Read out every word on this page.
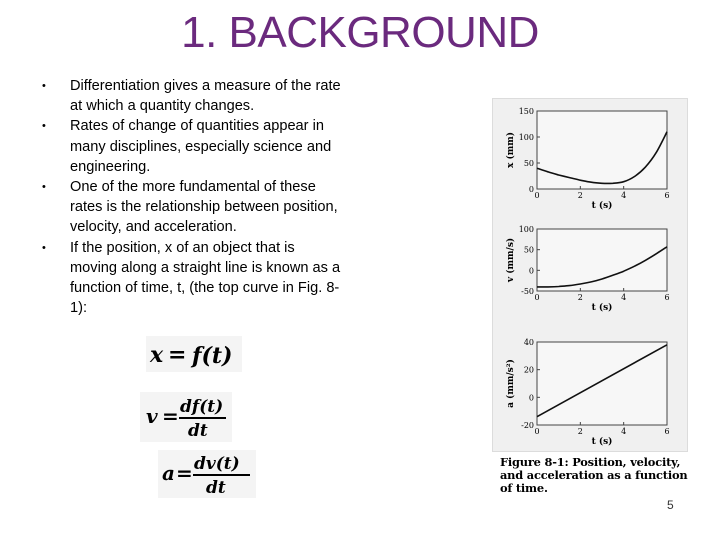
1. BACKGROUND
• Differentiation gives a measure of the rate at which a quantity changes.
• Rates of change of quantities appear in many disciplines, especially science and engineering.
• One of the more fundamental of these rates is the relationship between position, velocity, and acceleration.
• If the position, x of an object that is moving along a straight line is known as a function of time, t, (the top curve in Fig. 8-1):
x = f(t)
v = df(t)
dt
a = dv(t)
dt
0	2	4	6
0
50
100
150
t (s)
x (mm)
0	2	4	6
-50
0
50
100
t (s)
v (mm/s)
0	2	4	6
-20
0
20
40
t (s)
a (mm/s²)
Figure 8-1: Position, velocity, and acceleration as a function of time.
5
